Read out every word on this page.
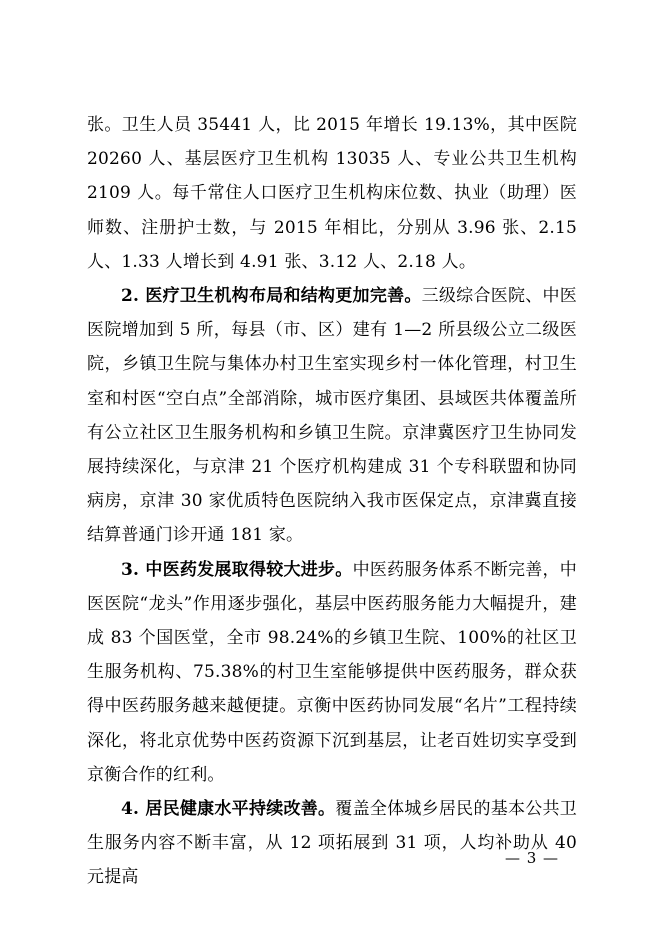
张。卫生人员 35441 人，比 2015 年增长 19.13%，其中医院 20260 人、基层医疗卫生机构 13035 人、专业公共卫生机构 2109 人。每千常住人口医疗卫生机构床位数、执业（助理）医师数、注册护士数，与 2015 年相比，分别从 3.96 张、2.15 人、1.33 人增长到 4.91 张、3.12 人、2.18 人。

2. 医疗卫生机构布局和结构更加完善。三级综合医院、中医医院增加到 5 所，每县（市、区）建有 1—2 所县级公立二级医院，乡镇卫生院与集体办村卫生室实现乡村一体化管理，村卫生室和村医“空白点”全部消除，城市医疗集团、县域医共体覆盖所有公立社区卫生服务机构和乡镇卫生院。京津冀医疗卫生协同发展持续深化，与京津 21 个医疗机构建成 31 个专科联盟和协同病房，京津 30 家优质特色医院纳入我市医保定点，京津冀直接结算普通门诊开通 181 家。

3. 中医药发展取得较大进步。中医药服务体系不断完善，中医医院“龙头”作用逐步强化，基层中医药服务能力大幅提升，建成 83 个国医堂，全市 98.24%的乡镇卫生院、100%的社区卫生服务机构、75.38%的村卫生室能够提供中医药服务，群众获得中医药服务越来越便捷。京衡中医药协同发展“名片”工程持续深化，将北京优势中医药资源下沉到基层，让老百姓切实享受到京衡合作的红利。

4. 居民健康水平持续改善。覆盖全体城乡居民的基本公共卫生服务内容不断丰富，从 12 项拓展到 31 项，人均补助从 40 元提高

— 3 —
